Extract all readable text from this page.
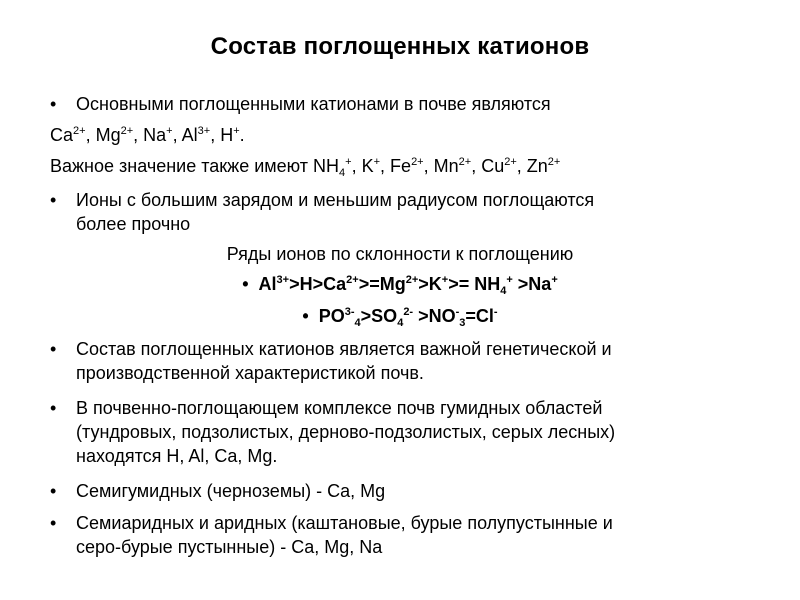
Состав поглощенных катионов
• Основными поглощенными катионами в почве являются
$Ca^{2+}$, $Mg^{2+}$, Na+, $Al^{3+}$, H+.
Важное значение также имеют $NH_4^+$, K+, $Fe^{2+}$, $Mn^{2+}$, $Cu^{2+}$, $Zn^{2+}$
• Ионы с большим зарядом и меньшим радиусом поглощаются
более прочно
Ряды ионов по склонности к поглощению
• $Al^{3+}>H>Ca^{2+}>=Mg^{2+}>K^+>= NH_4^+ >Na^+$
• $PO^{3-}_4>SO_4^{2-} >NO^-_3=Cl^-$
• Состав поглощенных катионов является важной генетической и
производственной характеристикой почв.
• В почвенно-поглощающем комплексе почв гумидных областей
(тундровых, подзолистых, дерново-подзолистых, серых лесных)
находятся H, Al, Ca, Mg.
• Семигумидных (черноземы) - Ca, Mg
• Семиаридных и аридных (каштановые, бурые полупустынные и
серо-бурые пустынные) - Ca, Mg, Na
